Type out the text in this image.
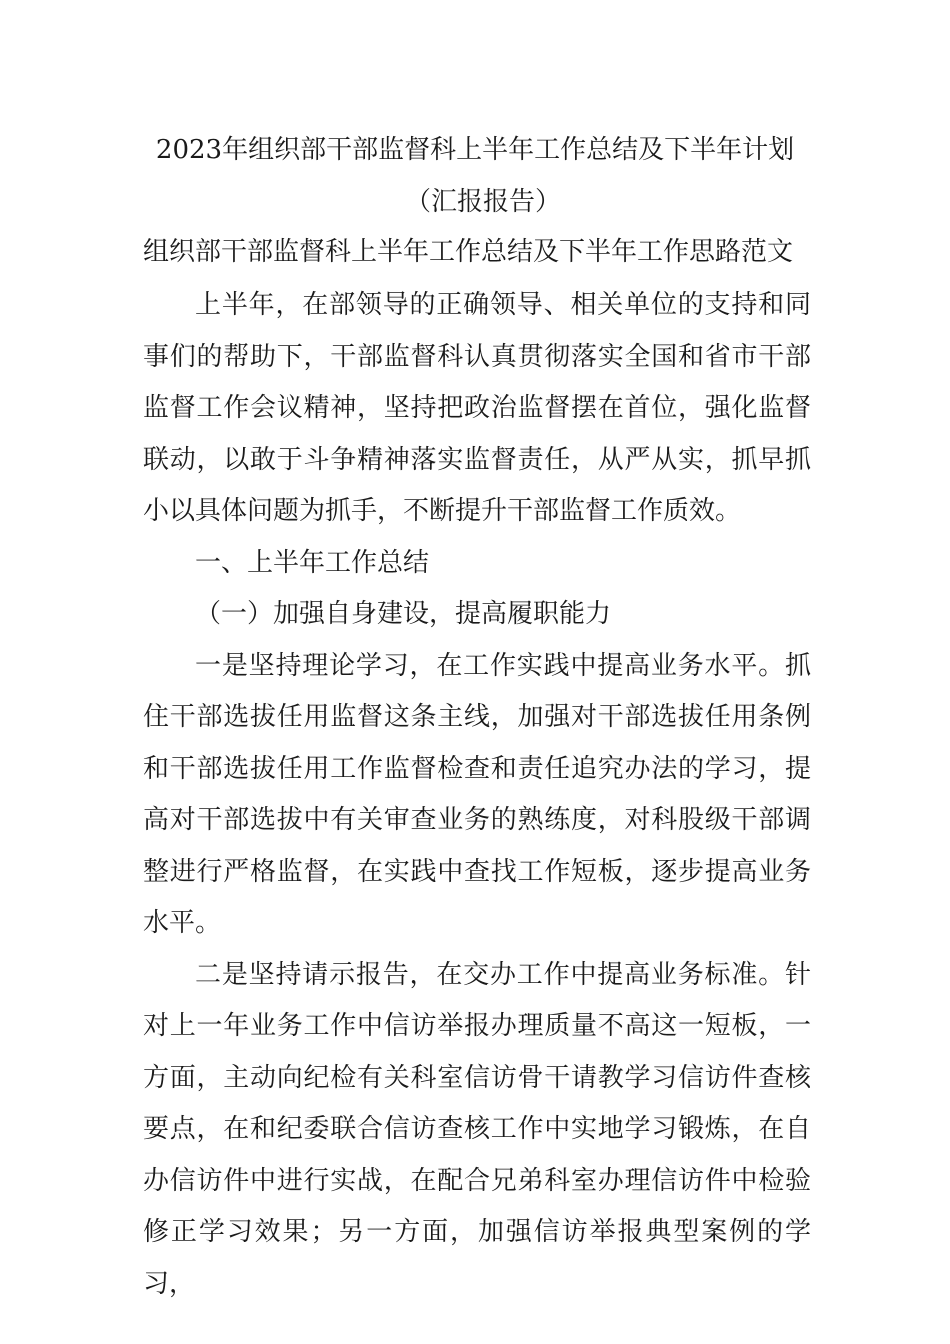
2023年组织部干部监督科上半年工作总结及下半年计划
（汇报报告）
组织部干部监督科上半年工作总结及下半年工作思路范文

上半年，在部领导的正确领导、相关单位的支持和同事们的帮助下，干部监督科认真贯彻落实全国和省市干部监督工作会议精神，坚持把政治监督摆在首位，强化监督联动，以敢于斗争精神落实监督责任，从严从实，抓早抓小以具体问题为抓手，不断提升干部监督工作质效。

一、上半年工作总结

（一）加强自身建设，提高履职能力

一是坚持理论学习，在工作实践中提高业务水平。抓住干部选拔任用监督这条主线，加强对干部选拔任用条例和干部选拔任用工作监督检查和责任追究办法的学习，提高对干部选拔中有关审查业务的熟练度，对科股级干部调整进行严格监督，在实践中查找工作短板，逐步提高业务水平。

二是坚持请示报告，在交办工作中提高业务标准。针对上一年业务工作中信访举报办理质量不高这一短板，一方面，主动向纪检有关科室信访骨干请教学习信访件查核要点，在和纪委联合信访查核工作中实地学习锻炼，在自办信访件中进行实战，在配合兄弟科室办理信访件中检验修正学习效果；另一方面，加强信访举报典型案例的学习，
